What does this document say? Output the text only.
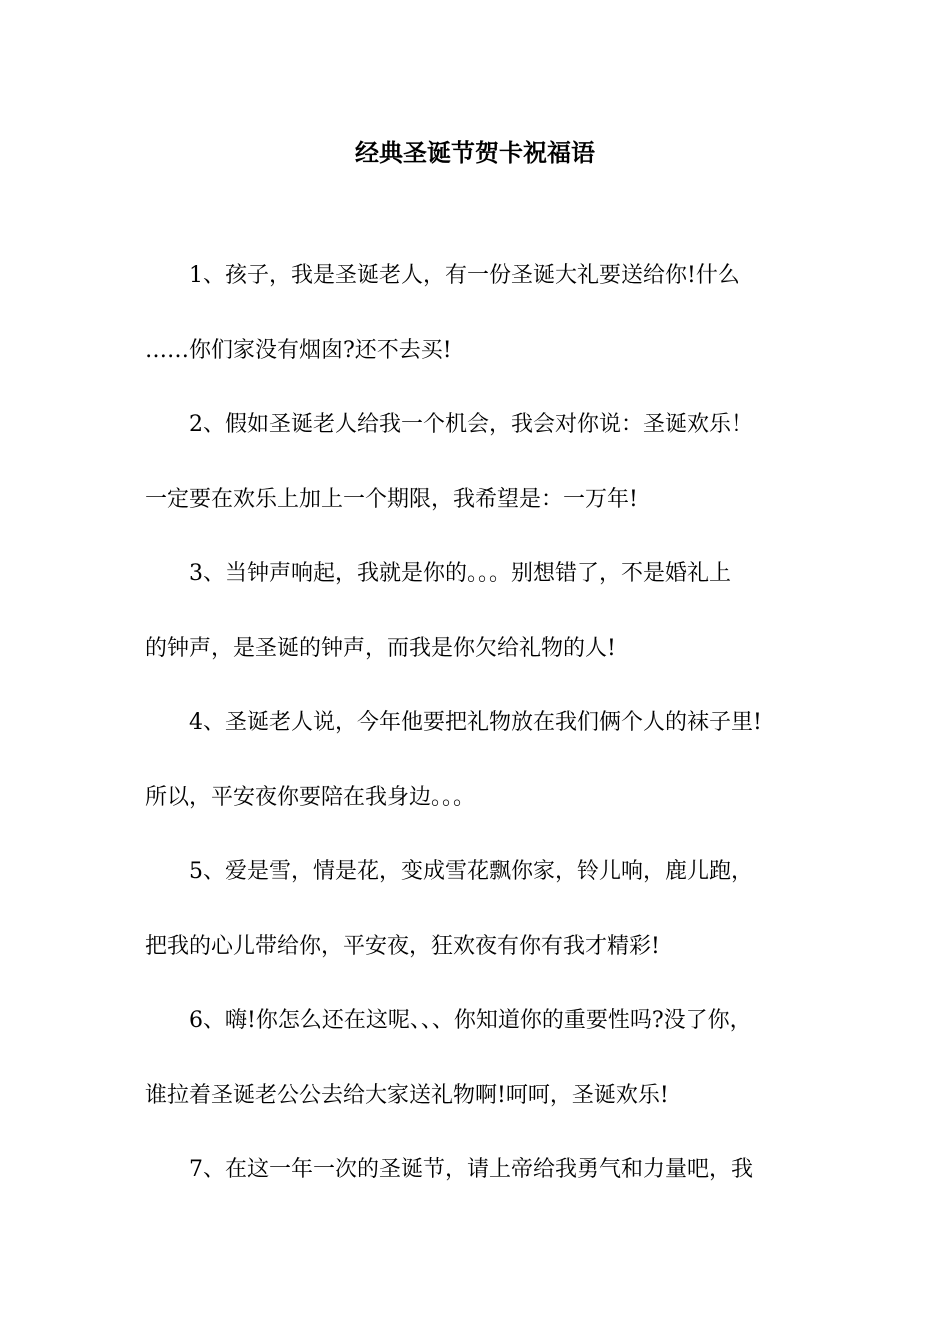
经典圣诞节贺卡祝福语
　　1、孩子，我是圣诞老人，有一份圣诞大礼要送给你!什么
……你们家没有烟囱?还不去买!
　　2、假如圣诞老人给我一个机会，我会对你说：圣诞欢乐！
一定要在欢乐上加上一个期限，我希望是：一万年!
　　3、当钟声响起，我就是你的。。。别想错了，不是婚礼上
的钟声，是圣诞的钟声，而我是你欠给礼物的人!
　　4、圣诞老人说，今年他要把礼物放在我们俩个人的袜子里!
所以，平安夜你要陪在我身边。。。
　　5、爱是雪，情是花，变成雪花飘你家，铃儿响，鹿儿跑，
把我的心儿带给你，平安夜，狂欢夜有你有我才精彩!
　　6、嗨!你怎么还在这呢、、、你知道你的重要性吗?没了你，
谁拉着圣诞老公公去给大家送礼物啊!呵呵，圣诞欢乐!
　　7、在这一年一次的圣诞节，请上帝给我勇气和力量吧，我
